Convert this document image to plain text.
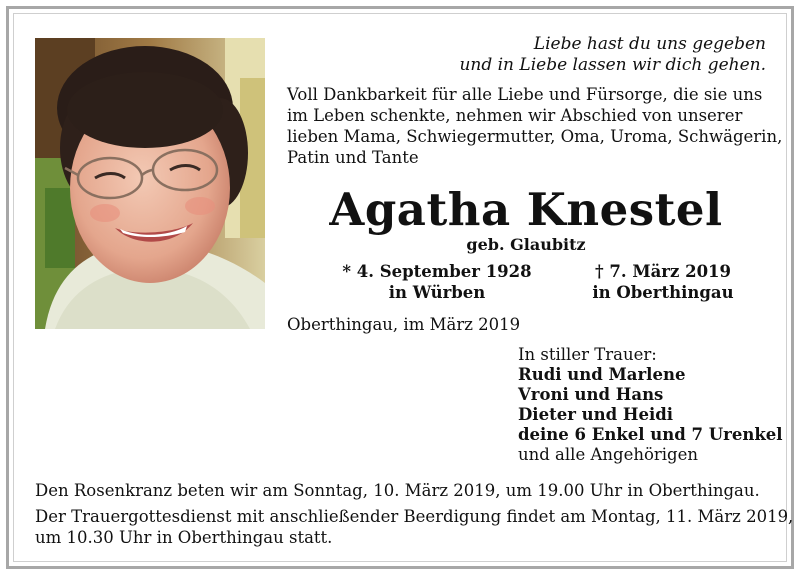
Liebe hast du uns gegeben
und in Liebe lassen wir dich gehen.
Voll Dankbarkeit für alle Liebe und Fürsorge, die sie uns
im Leben schenkte, nehmen wir Abschied von unserer
lieben Mama, Schwiegermutter, Oma, Uroma, Schwägerin,
Patin und Tante
Agatha Knestel
geb. Glaubitz
* 4. September 1928
in Würben
† 7. März 2019
in Oberthingau
Oberthingau, im März 2019
In stiller Trauer:
Rudi und Marlene
Vroni und Hans
Dieter und Heidi
deine 6 Enkel und 7 Urenkel
und alle Angehörigen
Den Rosenkranz beten wir am Sonntag, 10. März 2019, um 19.00 Uhr in Oberthingau.
Der Trauergottesdienst mit anschließender Beerdigung findet am Montag, 11. März 2019,
um 10.30 Uhr in Oberthingau statt.
